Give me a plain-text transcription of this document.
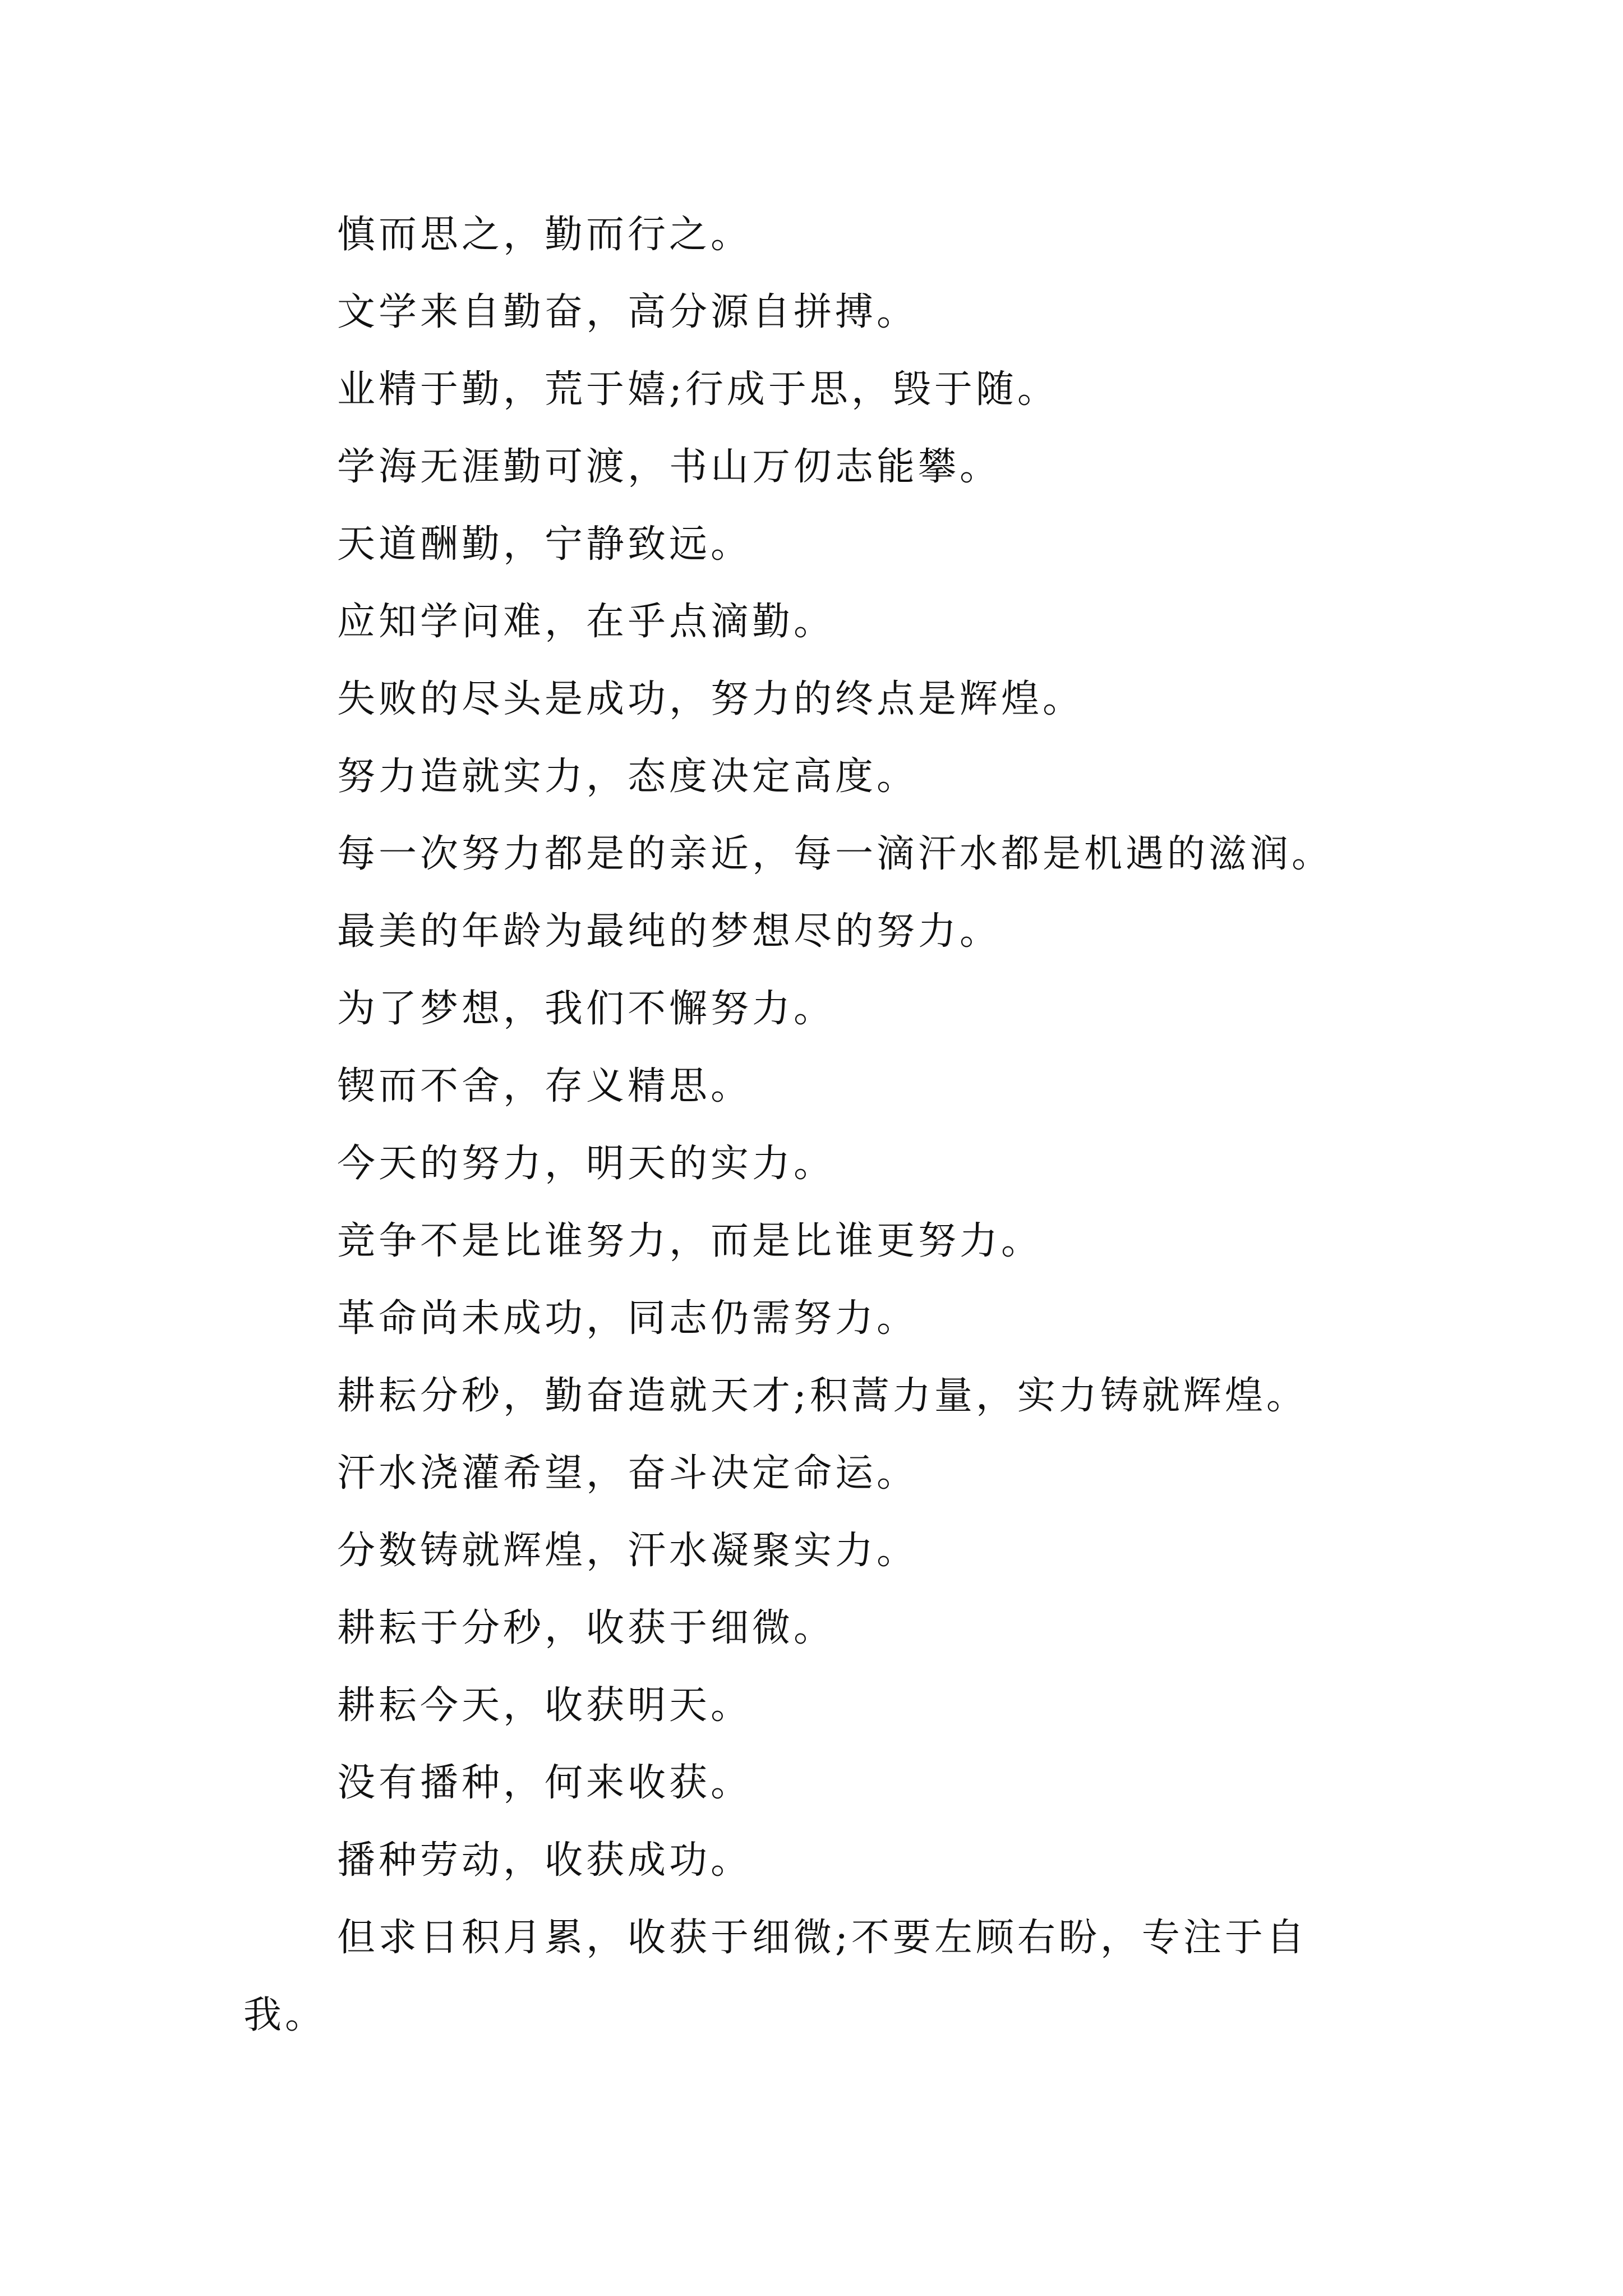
慎而思之，勤而行之。
文学来自勤奋，高分源自拼搏。
业精于勤，荒于嬉;行成于思，毁于随。
学海无涯勤可渡，书山万仞志能攀。
天道酬勤，宁静致远。
应知学问难，在乎点滴勤。
失败的尽头是成功，努力的终点是辉煌。
努力造就实力，态度决定高度。
每一次努力都是的亲近，每一滴汗水都是机遇的滋润。
最美的年龄为最纯的梦想尽的努力。
为了梦想，我们不懈努力。
锲而不舍，存义精思。
今天的努力，明天的实力。
竞争不是比谁努力，而是比谁更努力。
革命尚未成功，同志仍需努力。
耕耘分秒，勤奋造就天才;积蒿力量，实力铸就辉煌。
汗水浇灌希望，奋斗决定命运。
分数铸就辉煌，汗水凝聚实力。
耕耘于分秒，收获于细微。
耕耘今天，收获明天。
没有播种，何来收获。
播种劳动，收获成功。
但求日积月累，收获于细微;不要左顾右盼，专注于自
我。
